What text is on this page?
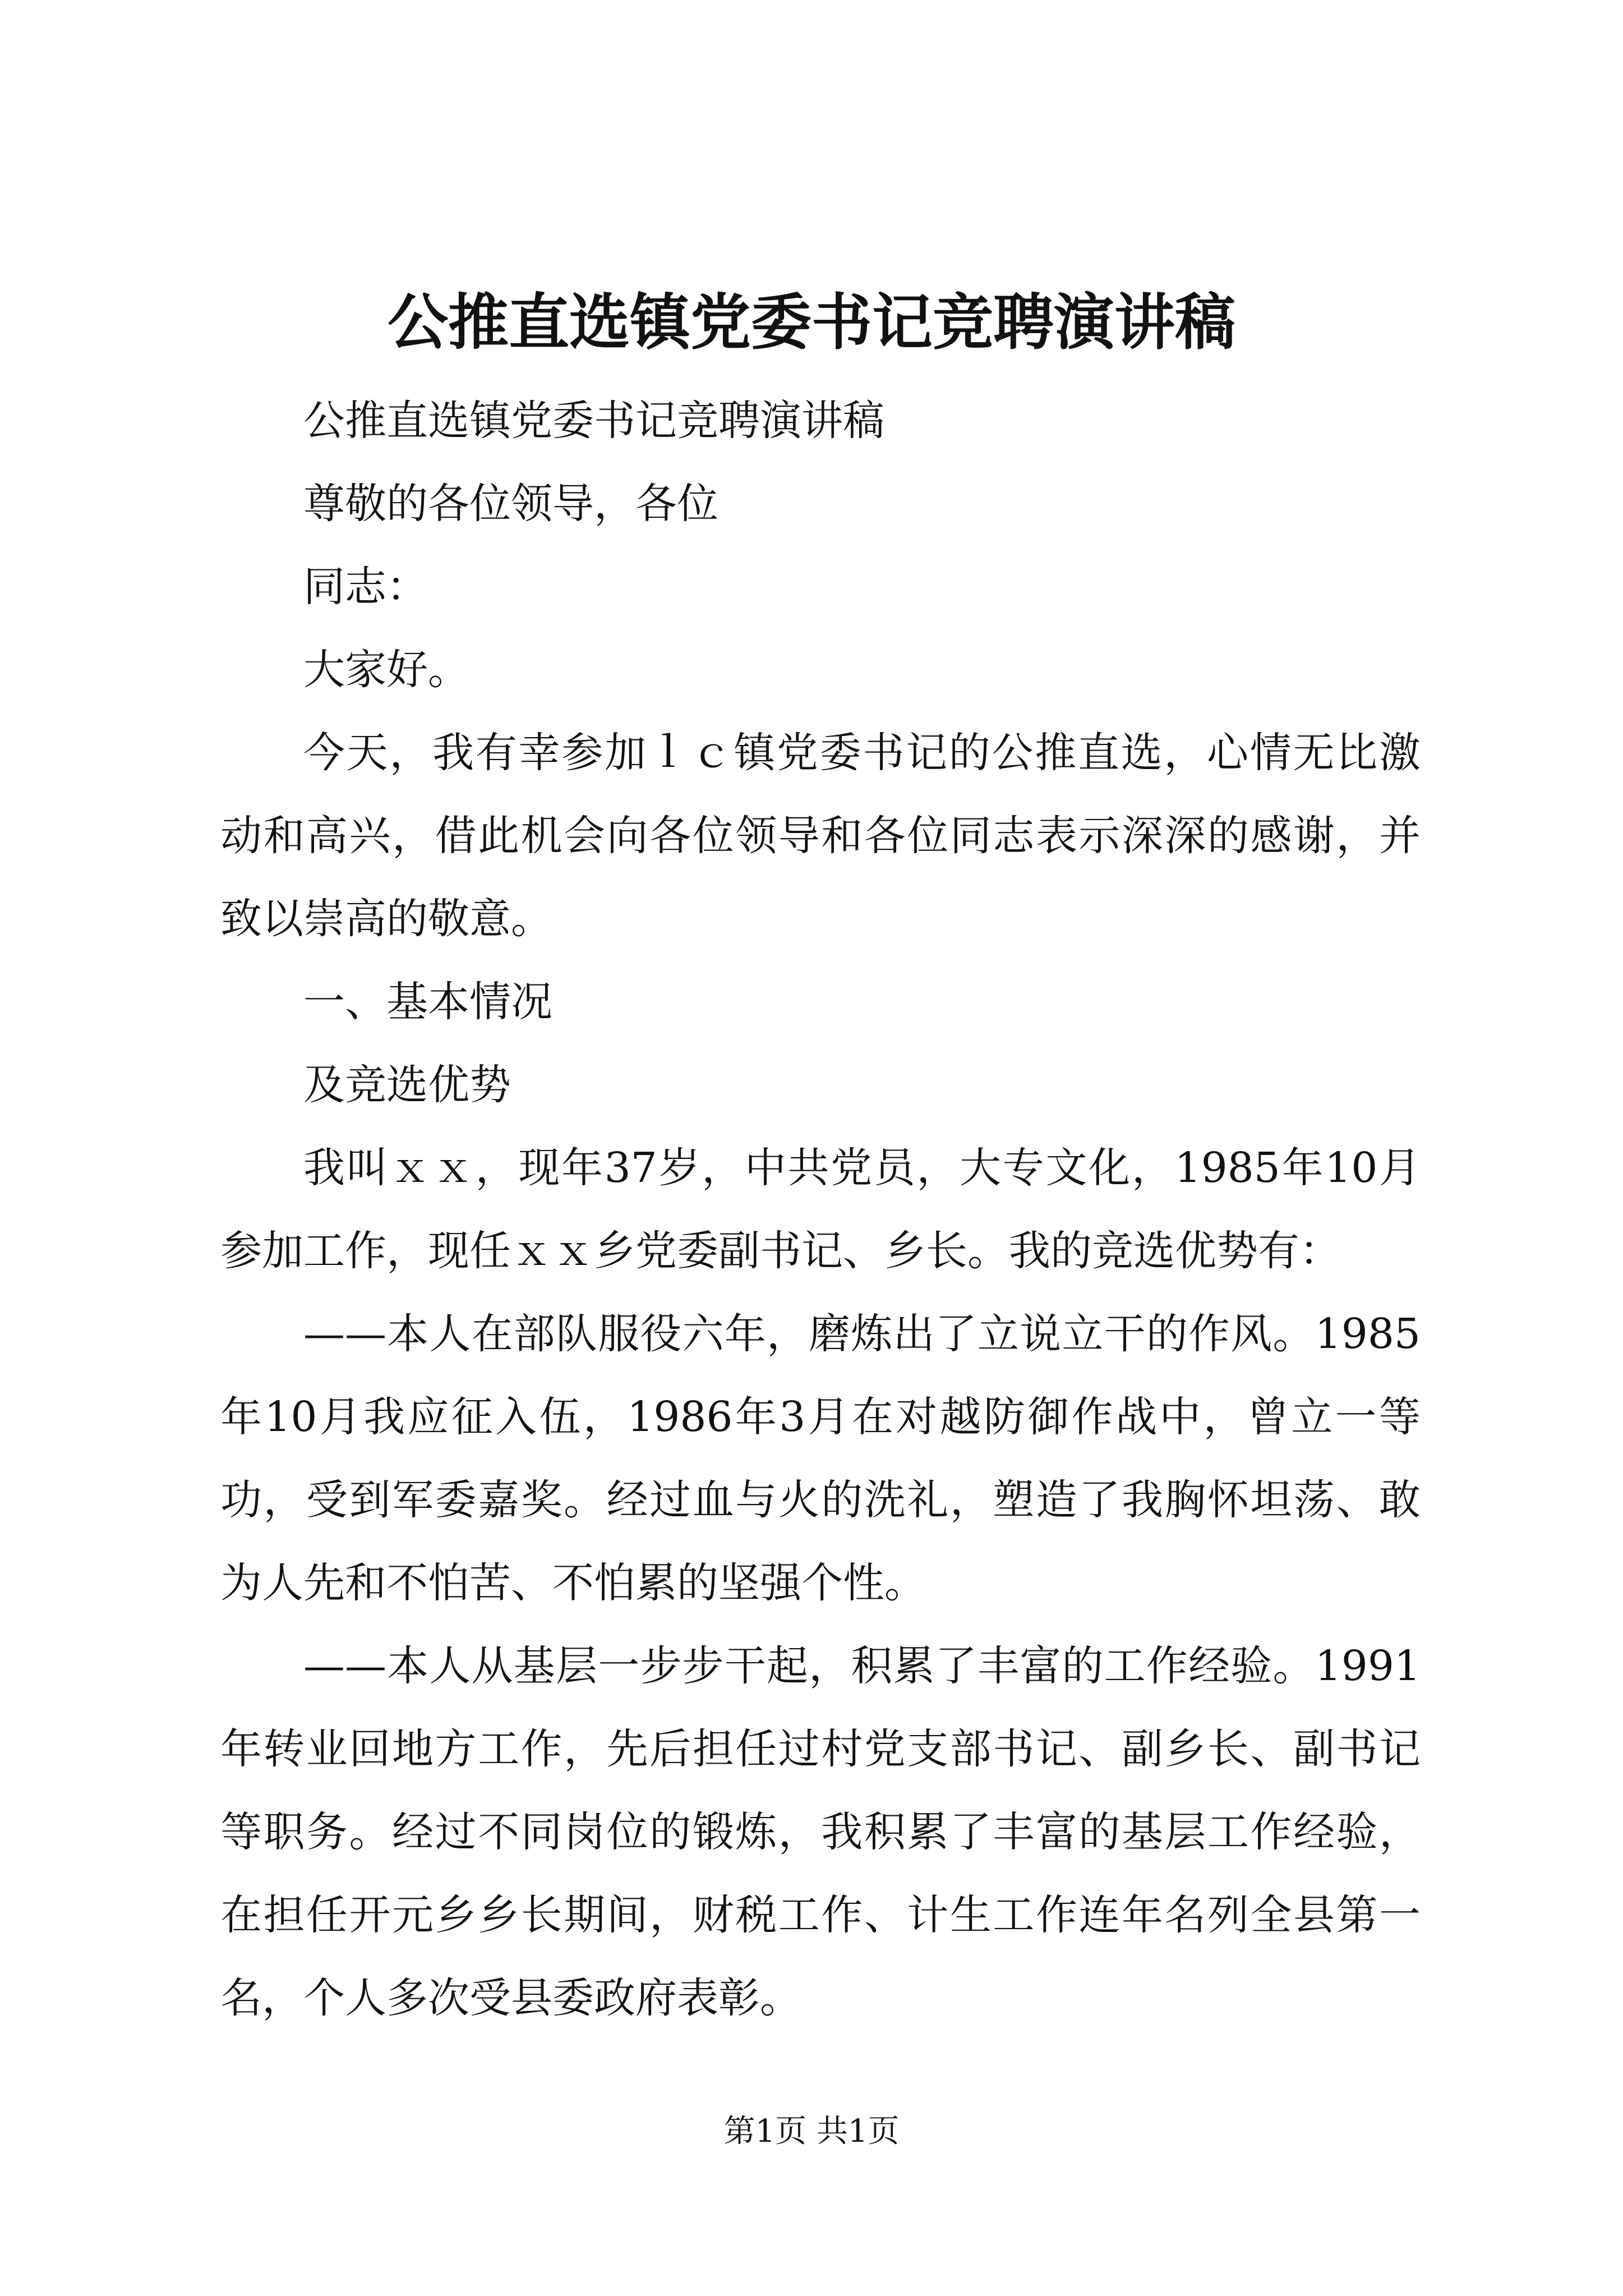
公推直选镇党委书记竞聘演讲稿

公推直选镇党委书记竞聘演讲稿

尊敬的各位领导，各位

同志：

大家好。

今天，我有幸参加ｌｃ镇党委书记的公推直选，心情无比激动和高兴，借此机会向各位领导和各位同志表示深深的感谢，并致以崇高的敬意。

一、基本情况

及竞选优势

我叫ｘｘ，现年37岁，中共党员，大专文化，1985年10月参加工作，现任ｘｘ乡党委副书记、乡长。我的竞选优势有：

——本人在部队服役六年，磨炼出了立说立干的作风。1985年10月我应征入伍，1986年3月在对越防御作战中，曾立一等功，受到军委嘉奖。经过血与火的洗礼，塑造了我胸怀坦荡、敢为人先和不怕苦、不怕累的坚强个性。

——本人从基层一步步干起，积累了丰富的工作经验。1991年转业回地方工作，先后担任过村党支部书记、副乡长、副书记等职务。经过不同岗位的锻炼，我积累了丰富的基层工作经验，在担任开元乡乡长期间，财税工作、计生工作连年名列全县第一名，个人多次受县委政府表彰。

第1页 共1页
